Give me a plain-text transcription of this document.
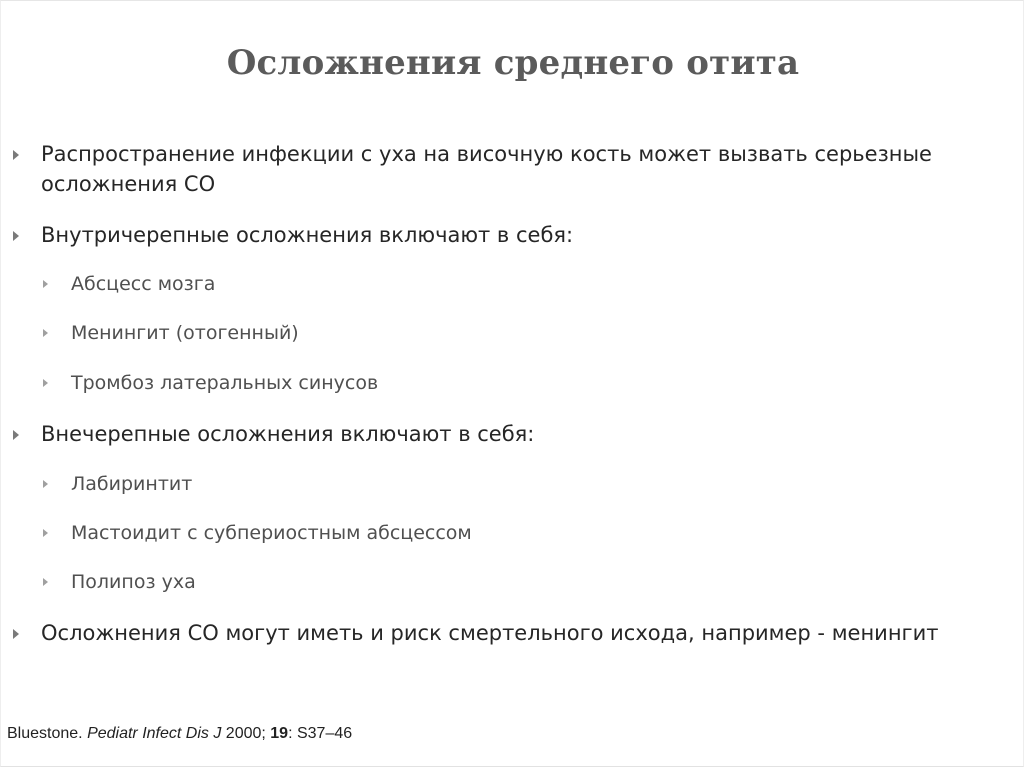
Осложнения среднего отита
Распространение инфекции с уха на височную кость может вызвать серьезные осложнения СО
Внутричерепные осложнения включают в себя:
Абсцесс мозга
Менингит (отогенный)
Тромбоз латеральных синусов
Внечерепные осложнения включают в себя:
Лабиринтит
Мастоидит с субпериостным абсцессом
Полипоз уха
Осложнения СО могут иметь и риск смертельного исхода, например - менингит
Bluestone. Pediatr Infect Dis J 2000; 19: S37–46
